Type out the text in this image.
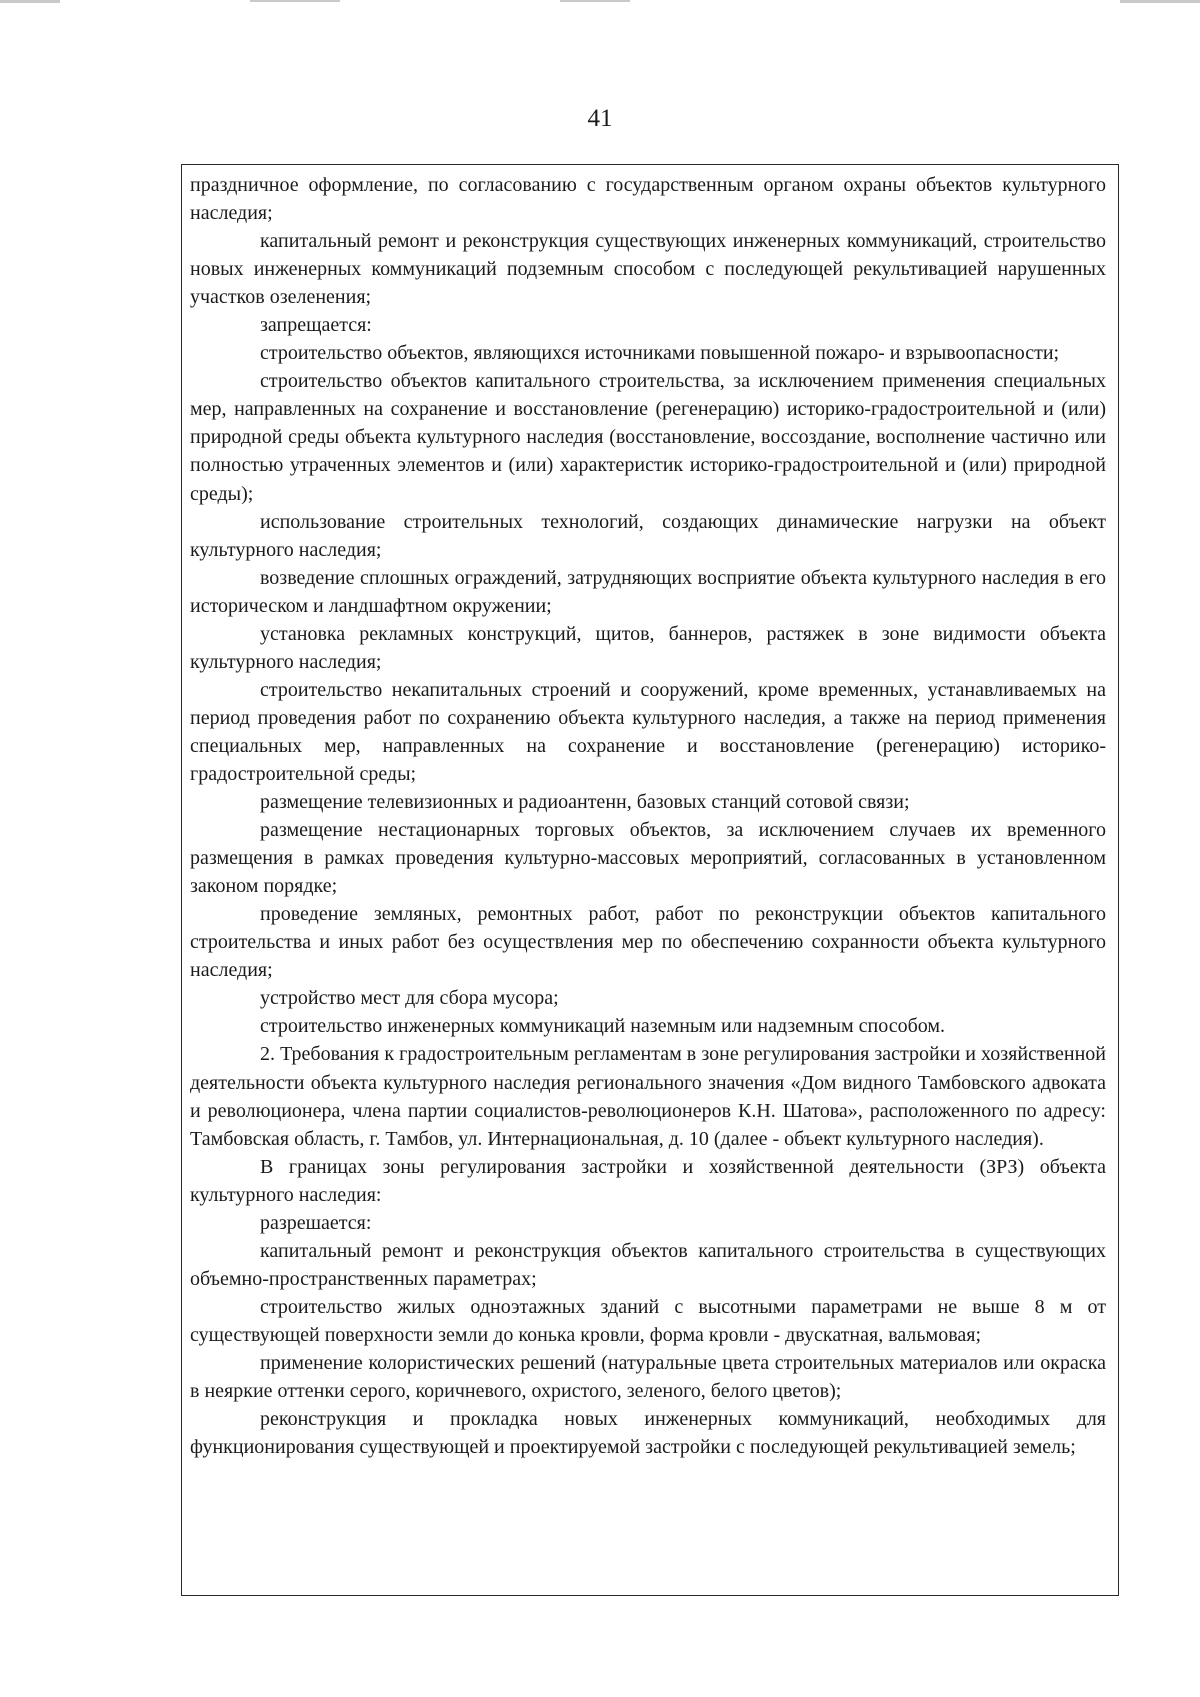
41

праздничное оформление, по согласованию с государственным органом охраны объектов культурного наследия;

капитальный ремонт и реконструкция существующих инженерных коммуникаций, строительство новых инженерных коммуникаций подземным способом с последующей рекультивацией нарушенных участков озеленения;

запрещается:

строительство объектов, являющихся источниками повышенной пожаро- и взрывоопасности;

строительство объектов капитального строительства, за исключением применения специальных мер, направленных на сохранение и восстановление (регенерацию) историко-градостроительной и (или) природной среды объекта культурного наследия (восстановление, воссоздание, восполнение частично или полностью утраченных элементов и (или) характеристик историко-градостроительной и (или) природной среды);

использование строительных технологий, создающих динамические нагрузки на объект культурного наследия;

возведение сплошных ограждений, затрудняющих восприятие объекта культурного наследия в его историческом и ландшафтном окружении;

установка рекламных конструкций, щитов, баннеров, растяжек в зоне видимости объекта культурного наследия;

строительство некапитальных строений и сооружений, кроме временных, устанавливаемых на период проведения работ по сохранению объекта культурного наследия, а также на период применения специальных мер, направленных на сохранение и восстановление (регенерацию) историко-градостроительной среды;

размещение телевизионных и радиоантенн, базовых станций сотовой связи;

размещение нестационарных торговых объектов, за исключением случаев их временного размещения в рамках проведения культурно-массовых мероприятий, согласованных в установленном законом порядке;

проведение земляных, ремонтных работ, работ по реконструкции объектов капитального строительства и иных работ без осуществления мер по обеспечению сохранности объекта культурного наследия;

устройство мест для сбора мусора;

строительство инженерных коммуникаций наземным или надземным способом.

2. Требования к градостроительным регламентам в зоне регулирования застройки и хозяйственной деятельности объекта культурного наследия регионального значения «Дом видного Тамбовского адвоката и революционера, члена партии социалистов-революционеров К.Н. Шатова», расположенного по адресу: Тамбовская область, г. Тамбов, ул. Интернациональная, д. 10 (далее - объект культурного наследия).

В границах зоны регулирования застройки и хозяйственной деятельности (ЗРЗ) объекта культурного наследия:

разрешается:

капитальный ремонт и реконструкция объектов капитального строительства в существующих объемно-пространственных параметрах;

строительство жилых одноэтажных зданий с высотными параметрами не выше 8 м от существующей поверхности земли до конька кровли, форма кровли - двускатная, вальмовая;

применение колористических решений (натуральные цвета строительных материалов или окраска в неяркие оттенки серого, коричневого, охристого, зеленого, белого цветов);

реконструкция и прокладка новых инженерных коммуникаций, необходимых для функционирования существующей и проектируемой застройки с последующей рекультивацией земель;
